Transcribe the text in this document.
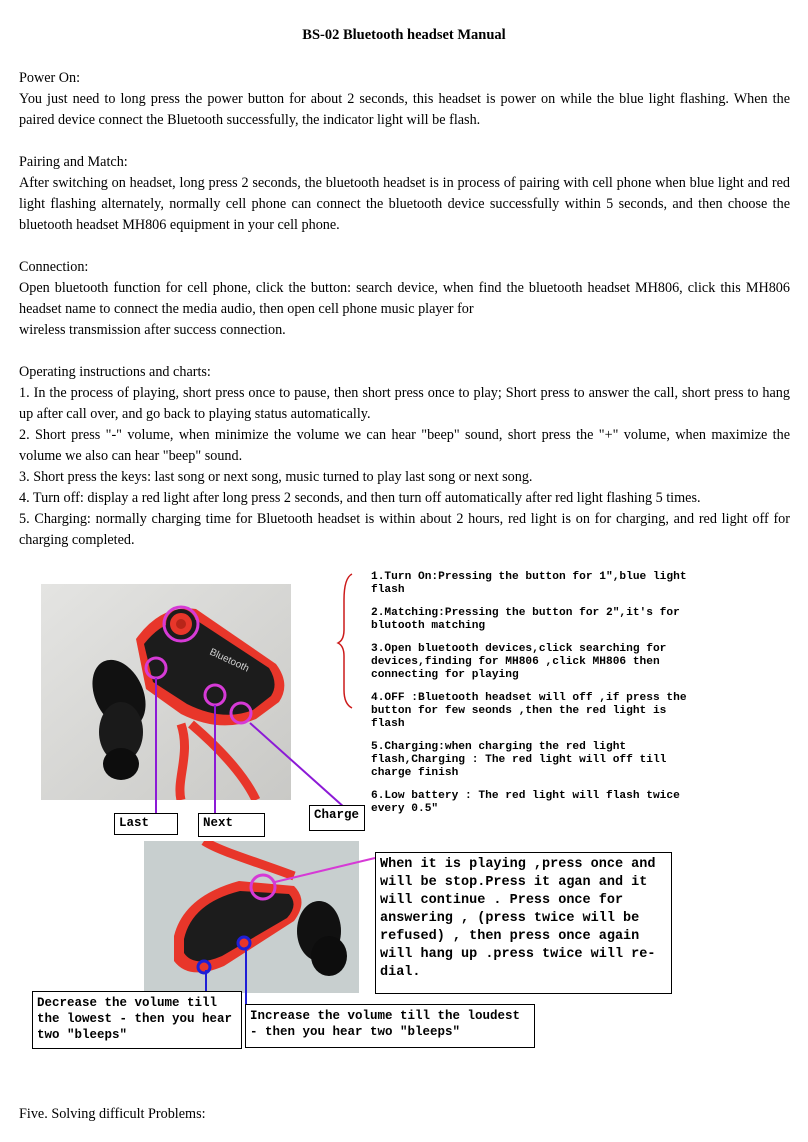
BS-02 Bluetooth headset Manual

Power On:

You just need to long press the power button for about 2 seconds, this headset is power on while the blue light flashing. When the paired device connect the Bluetooth successfully, the indicator light will be flash.

Pairing and Match:

After switching on headset, long press 2 seconds, the bluetooth headset is in process of pairing with cell phone when blue light and red light flashing alternately, normally cell phone can connect the bluetooth device successfully within 5 seconds, and then choose the bluetooth headset MH806 equipment in your cell phone.

Connection:

Open bluetooth function for cell phone, click the button: search device, when find the bluetooth headset MH806, click this MH806 headset name to connect the media audio, then open cell phone music player for

wireless transmission after success connection.

Operating instructions and charts:

1. In the process of playing, short press once to pause, then short press once to play; Short press to answer the call, short press to hang up after call over, and go back to playing status automatically.

2. Short press "-" volume, when minimize the volume we can hear "beep" sound, short press the "+" volume, when maximize the volume we also can hear "beep" sound.

3. Short press the keys: last song or next song, music turned to play last song or next song.

4. Turn off: display a red light after long press 2 seconds, and then turn off automatically after red light flashing 5 times.

5. Charging: normally charging time for Bluetooth headset is within about 2 hours, red light is on for charging, and red light off for charging completed.

Bluetooth
Last	Next
Charge

1.Turn On:Pressing the button for 1",blue light flash

2.Matching:Pressing the button for 2",it's for blutooth matching

3.Open bluetooth devices,click searching for devices,finding for MH806 ,click MH806 then connecting for playing

4.OFF :Bluetooth headset will off ,if press the button for few seonds ,then the red light is flash

5.Charging:when charging the red light flash,Charging : The red light will off till charge finish

6.Low battery : The red light will flash twice every 0.5"

When it is playing ,press once and will be stop.Press it agan and it will continue . Press once for answering , (press twice will be refused) , then press once again will hang up .press twice will re-dial.
Decrease the volume till the lowest - then you hear two "bleeps"
Increase the volume till the loudest - then you hear two "bleeps"
Five. Solving difficult Problems:
